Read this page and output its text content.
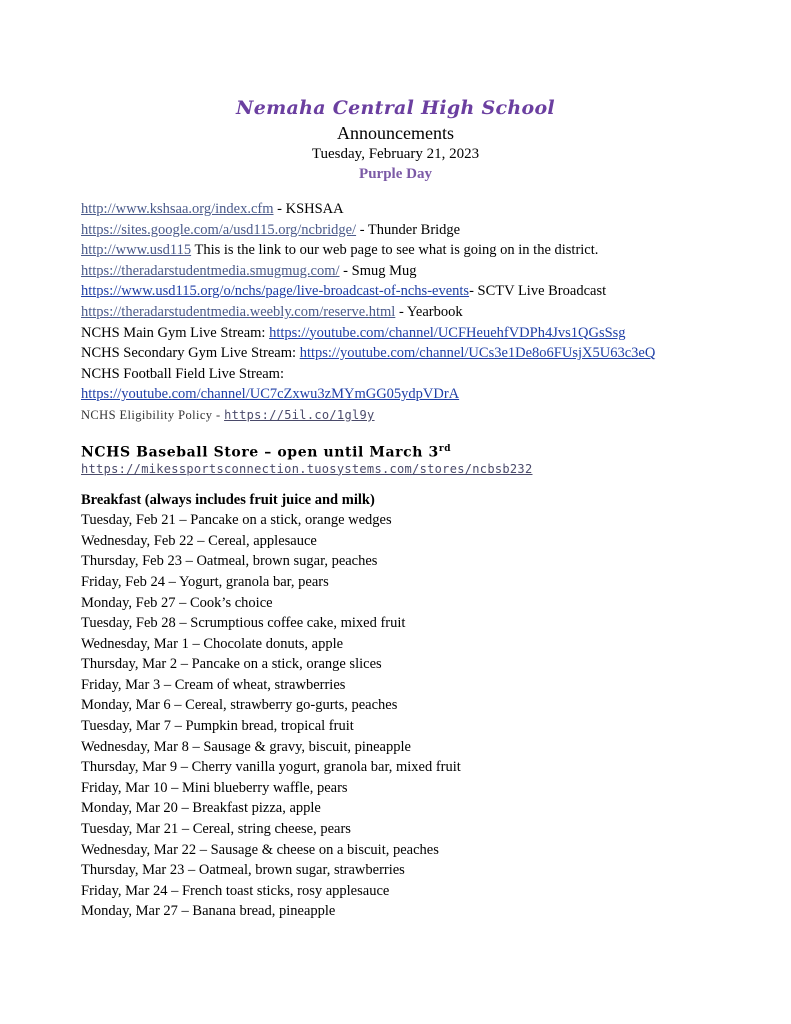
Nemaha Central High School
Announcements
Tuesday, February 21, 2023
Purple Day
http://www.kshsaa.org/index.cfm - KSHSAA
https://sites.google.com/a/usd115.org/ncbridge/ - Thunder Bridge
http://www.usd115 This is the link to our web page to see what is going on in the district.
https://theradarstudentmedia.smugmug.com/ - Smug Mug
https://www.usd115.org/o/nchs/page/live-broadcast-of-nchs-events- SCTV Live Broadcast
https://theradarstudentmedia.weebly.com/reserve.html - Yearbook
NCHS Main Gym Live Stream: https://youtube.com/channel/UCFHeuehfVDPh4Jvs1QGsSsg
NCHS Secondary Gym Live Stream: https://youtube.com/channel/UCs3e1De8o6FUsjX5U63c3eQ
NCHS Football Field Live Stream:
https://youtube.com/channel/UC7cZxwu3zMYmGG05ydpVDrA
NCHS Eligibility Policy - https://5il.co/1gl9y
NCHS Baseball Store – open until March 3rd
https://mikessportsconnection.tuosystems.com/stores/ncbsb232
Breakfast (always includes fruit juice and milk)
Tuesday, Feb 21 – Pancake on a stick, orange wedges
Wednesday, Feb 22 – Cereal, applesauce
Thursday, Feb 23 – Oatmeal, brown sugar, peaches
Friday, Feb 24 – Yogurt, granola bar, pears
Monday, Feb 27 – Cook’s choice
Tuesday, Feb 28 – Scrumptious coffee cake, mixed fruit
Wednesday, Mar 1 – Chocolate donuts, apple
Thursday, Mar 2 – Pancake on a stick, orange slices
Friday, Mar 3 – Cream of wheat, strawberries
Monday, Mar 6 – Cereal, strawberry go-gurts, peaches
Tuesday, Mar 7 – Pumpkin bread, tropical fruit
Wednesday, Mar 8 – Sausage & gravy, biscuit, pineapple
Thursday, Mar 9 – Cherry vanilla yogurt, granola bar, mixed fruit
Friday, Mar 10 – Mini blueberry waffle, pears
Monday, Mar 20 – Breakfast pizza, apple
Tuesday, Mar 21 – Cereal, string cheese, pears
Wednesday, Mar 22 – Sausage & cheese on a biscuit, peaches
Thursday, Mar 23 – Oatmeal, brown sugar, strawberries
Friday, Mar 24 – French toast sticks, rosy applesauce
Monday, Mar 27 – Banana bread, pineapple
